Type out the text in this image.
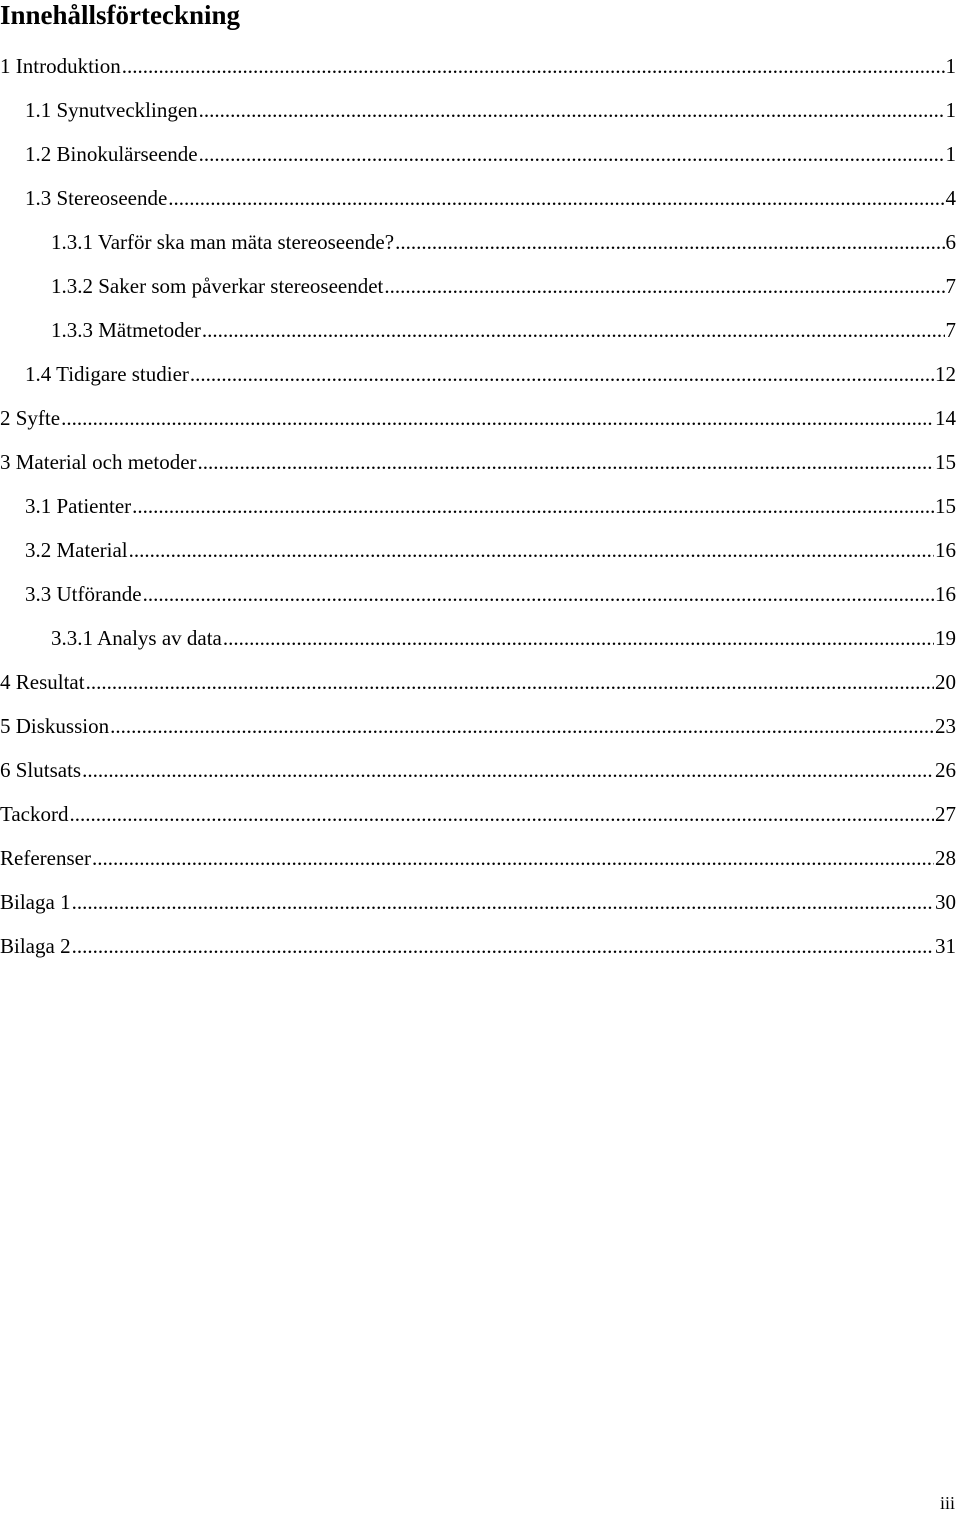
Innehållsförteckning
1 Introduktion .....	1
1.1 Synutvecklingen .....	1
1.2 Binokulärseende .....	1
1.3 Stereoseende .....	4
1.3.1 Varför ska man mäta stereoseende? .....	6
1.3.2 Saker som påverkar stereoseendet .....	7
1.3.3 Mätmetoder .....	7
1.4 Tidigare studier .....	12
2 Syfte .....	14
3 Material och metoder .....	15
3.1 Patienter .....	15
3.2 Material .....	16
3.3 Utförande .....	16
3.3.1 Analys av data .....	19
4 Resultat .....	20
5 Diskussion .....	23
6 Slutsats .....	26
Tackord .....	27
Referenser .....	28
Bilaga 1 .....	30
Bilaga 2 .....	31

iii
